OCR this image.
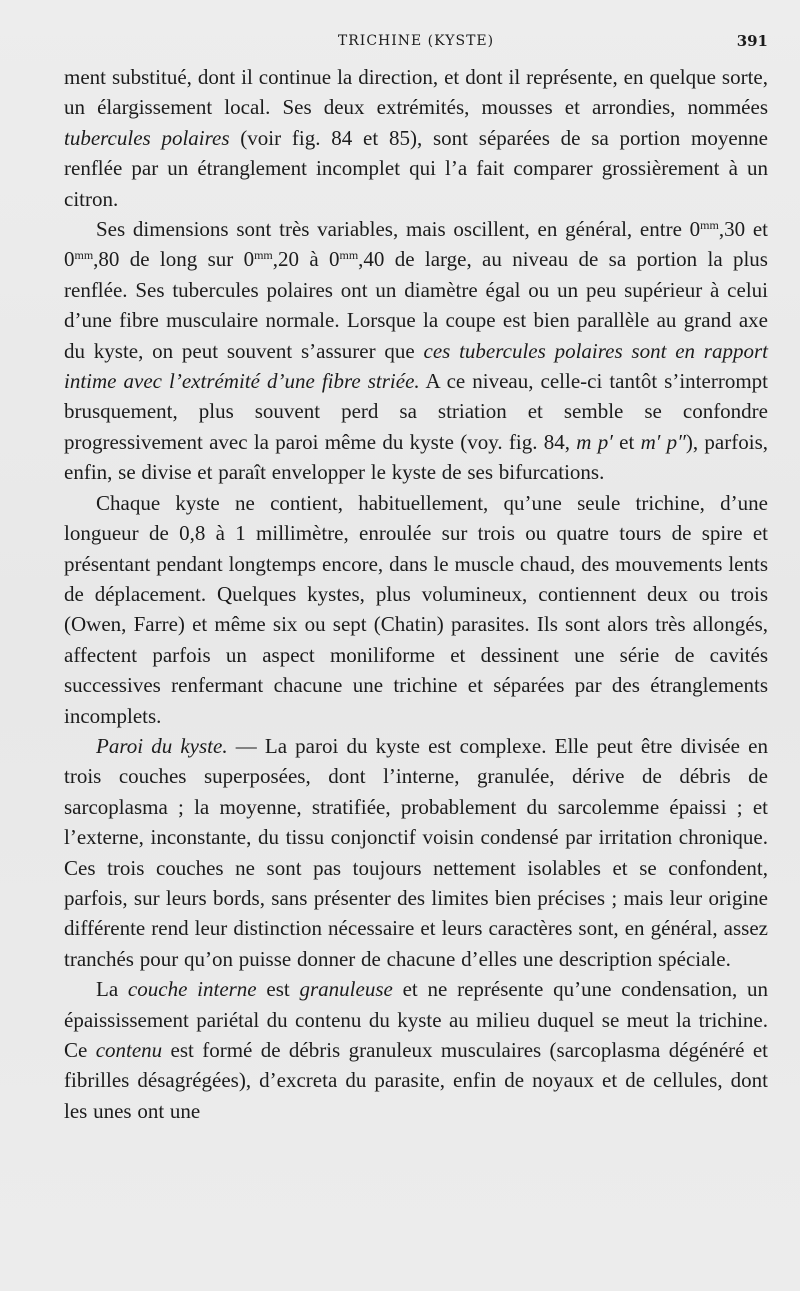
TRICHINE (KYSTE)	391

ment substitué, dont il continue la direction, et dont il représente, en quelque sorte, un élargissement local. Ses deux extrémités, mousses et arrondies, nommées tubercules polaires (voir fig. 84 et 85), sont séparées de sa portion moyenne renflée par un étranglement incomplet qui l’a fait comparer grossièrement à un citron.

Ses dimensions sont très variables, mais oscillent, en général, entre $0^{mm},30$ et $0^{mm},80$ de long sur $0^{mm},20$ à $0^{mm},40$ de large, au niveau de sa portion la plus renflée. Ses tubercules polaires ont un diamètre égal ou un peu supérieur à celui d’une fibre musculaire normale. Lorsque la coupe est bien parallèle au grand axe du kyste, on peut souvent s’assurer que ces tubercules polaires sont en rapport intime avec l’extrémité d’une fibre striée. A ce niveau, celle-ci tantôt s’interrompt brusquement, plus souvent perd sa striation et semble se confondre progressivement avec la paroi même du kyste (voy. fig. 84, m p′ et m′ p″), parfois, enfin, se divise et paraît envelopper le kyste de ses bifurcations.

Chaque kyste ne contient, habituellement, qu’une seule trichine, d’une longueur de 0,8 à 1 millimètre, enroulée sur trois ou quatre tours de spire et présentant pendant longtemps encore, dans le muscle chaud, des mouvements lents de déplacement. Quelques kystes, plus volumineux, contiennent deux ou trois (Owen, Farre) et même six ou sept (Chatin) parasites. Ils sont alors très allongés, affectent parfois un aspect moniliforme et dessinent une série de cavités successives renfermant chacune une trichine et séparées par des étranglements incomplets.

Paroi du kyste. — La paroi du kyste est complexe. Elle peut être divisée en trois couches superposées, dont l’interne, granulée, dérive de débris de sarcoplasma ; la moyenne, stratifiée, probablement du sarcolemme épaissi ; et l’externe, inconstante, du tissu conjonctif voisin condensé par irritation chronique. Ces trois couches ne sont pas toujours nettement isolables et se confondent, parfois, sur leurs bords, sans présenter des limites bien précises ; mais leur origine différente rend leur distinction nécessaire et leurs caractères sont, en général, assez tranchés pour qu’on puisse donner de chacune d’elles une description spéciale.

La couche interne est granuleuse et ne représente qu’une condensation, un épaississement pariétal du contenu du kyste au milieu duquel se meut la trichine. Ce contenu est formé de débris granuleux musculaires (sarcoplasma dégénéré et fibrilles désagrégées), d’excreta du parasite, enfin de noyaux et de cellules, dont les unes ont une
